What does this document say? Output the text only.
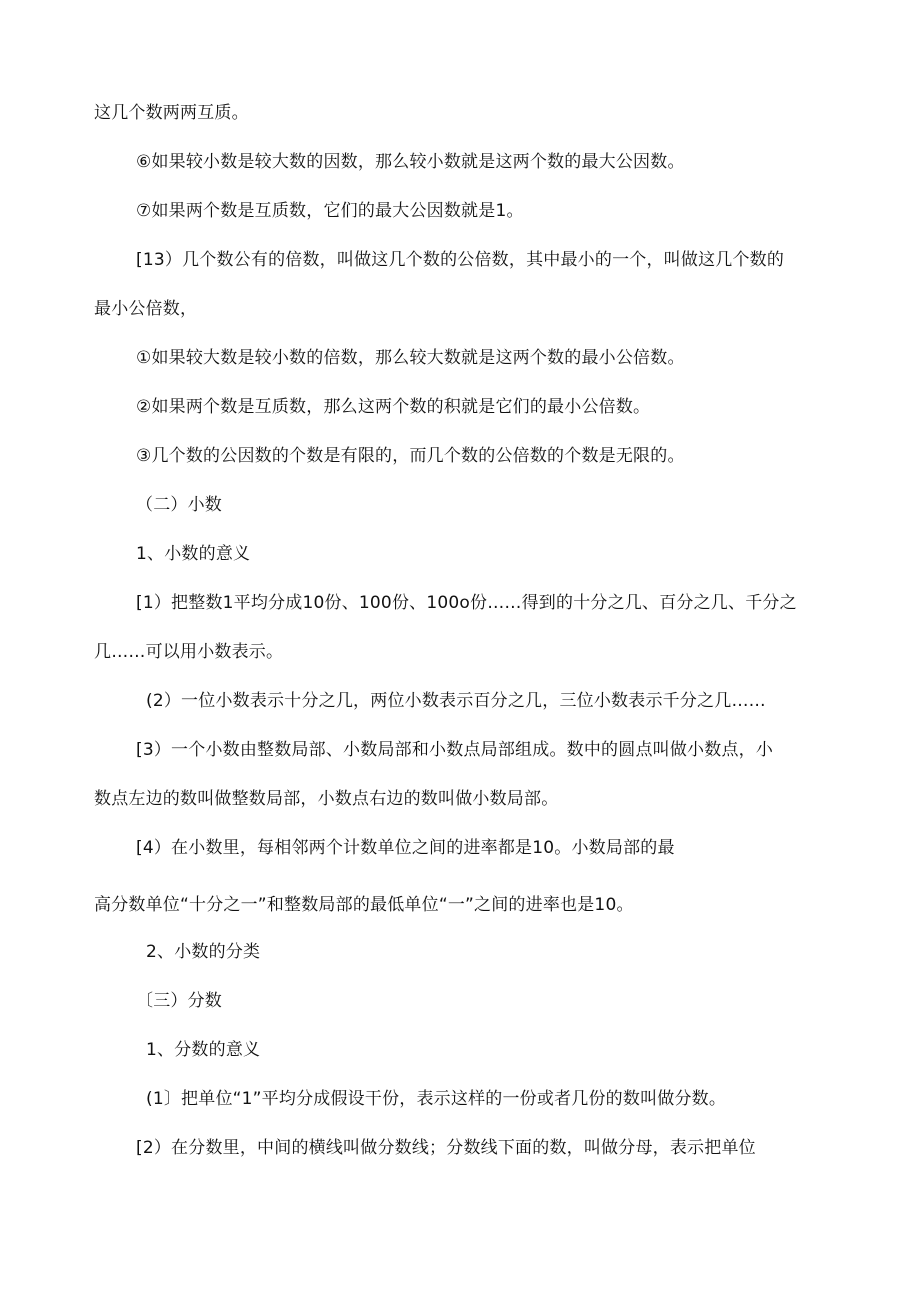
这几个数两两互质。
⑥如果较小数是较大数的因数，那么较小数就是这两个数的最大公因数。
⑦如果两个数是互质数，它们的最大公因数就是1。
[13）几个数公有的倍数，叫做这几个数的公倍数，其中最小的一个，叫做这几个数的
最小公倍数，
①如果较大数是较小数的倍数，那么较大数就是这两个数的最小公倍数。
②如果两个数是互质数，那么这两个数的积就是它们的最小公倍数。
③几个数的公因数的个数是有限的，而几个数的公倍数的个数是无限的。
（二）小数
1、小数的意义
[1）把整数1平均分成10份、100份、100o份……得到的十分之几、百分之几、千分之
几……可以用小数表示。
(2）一位小数表示十分之几，两位小数表示百分之几，三位小数表示千分之几……
[3）一个小数由整数局部、小数局部和小数点局部组成。数中的圆点叫做小数点，小
数点左边的数叫做整数局部，小数点右边的数叫做小数局部。
[4）在小数里，每相邻两个计数单位之间的进率都是10。小数局部的最
高分数单位“十分之一”和整数局部的最低单位“一”之间的进率也是10。
2、小数的分类
〔三）分数
1、分数的意义
(1〕把单位“1”平均分成假设干份，表示这样的一份或者几份的数叫做分数。
[2）在分数里，中间的横线叫做分数线；分数线下面的数，叫做分母，表示把单位
